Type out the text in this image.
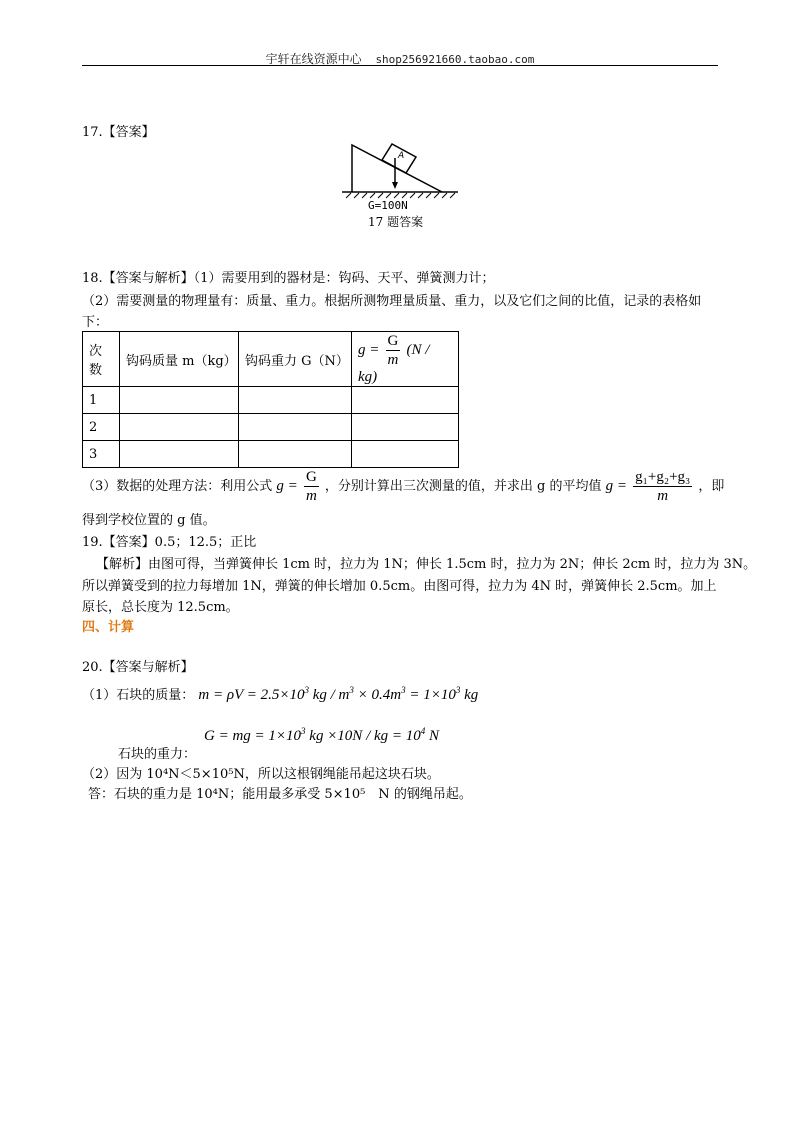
宇轩在线资源中心 shop256921660.taobao.com
17.【答案】
A
G=100N
17 题答案
18.【答案与解析】（1）需要用到的器材是：钩码、天平、弹簧测力计；
（2）需要测量的物理量有：质量、重力。根据所测物理量质量、重力，以及它们之间的比值，记录的表格如
下：
次数	钩码质量 m（kg）	钩码重力 G（N）	$g = \frac{G}{m} (N / kg)$
1			
2			
3			
（3）数据的处理方法：利用公式 $g = \frac{G}{m}$ ，分别计算出三次测量的值，并求出 g 的平均值 $g = \frac{\text{g₁+g₂+g₃}}{m}$ ，即
得到学校位置的 g 值。
19.【答案】0.5；12.5；正比
【解析】由图可得，当弹簧伸长 1cm 时，拉力为 1N；伸长 1.5cm 时，拉力为 2N；伸长 2cm 时，拉力为 3N。
所以弹簧受到的拉力每增加 1N，弹簧的伸长增加 0.5cm。由图可得，拉力为 4N 时，弹簧伸长 2.5cm。加上
原长，总长度为 12.5cm。
四、计算
20.【答案与解析】
（1）石块的质量： $m = \rho V = 2.5\times 10^3$ kg / $m^3 \times 0.4m^3 = 1\times 10^3$ kg
G = mg = $1\times 10^3$ kg ×10N / kg = $10^4$ N
石块的重力：
（2）因为 10⁴N＜5×10⁵N，所以这根钢绳能吊起这块石块。
答：石块的重力是 10⁴N；能用最多承受 5×10⁵　N 的钢绳吊起。
